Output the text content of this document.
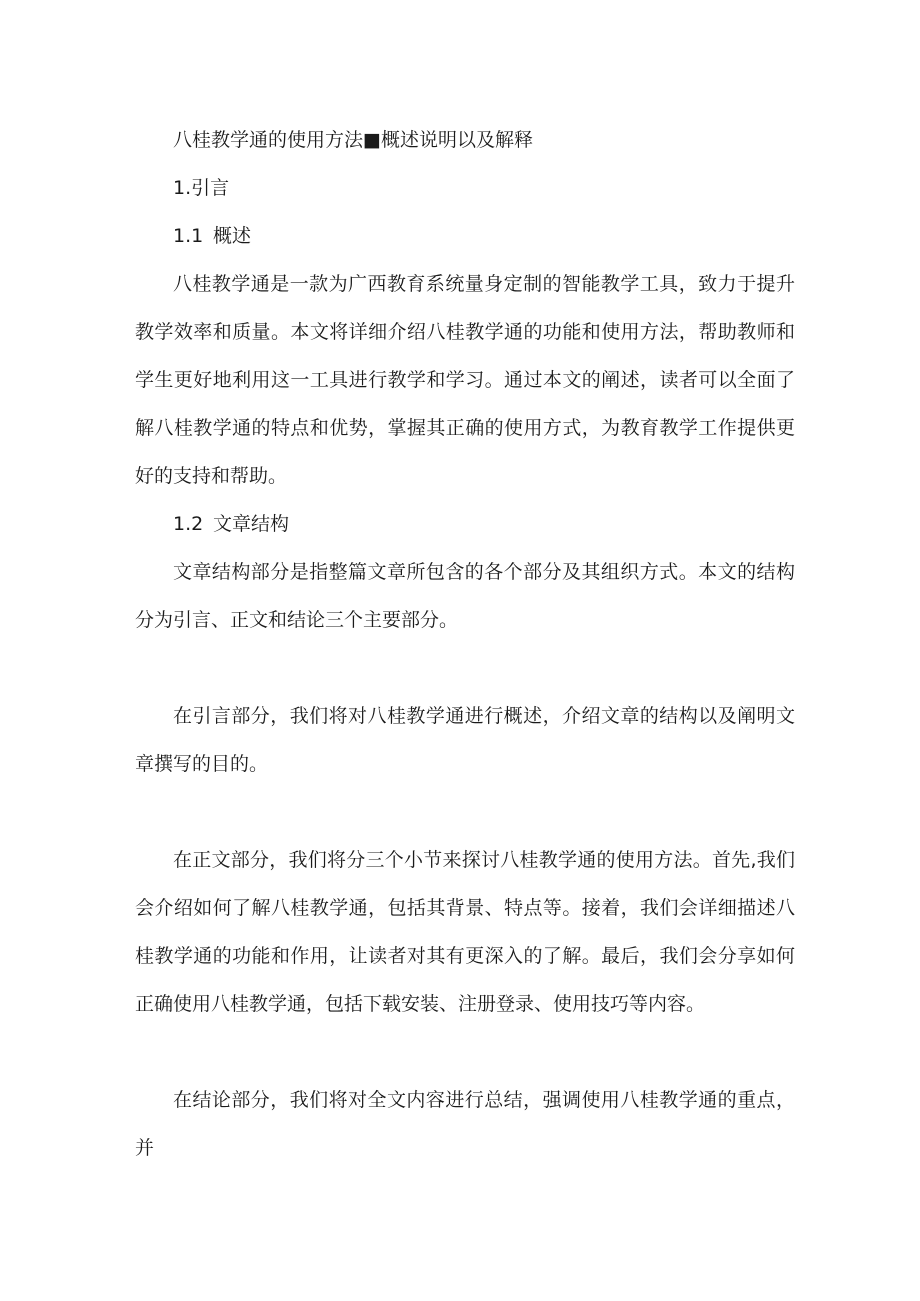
八桂教学通的使用方法■概述说明以及解释

1.引言

1.1 概述

八桂教学通是一款为广西教育系统量身定制的智能教学工具，致力于提升教学效率和质量。本文将详细介绍八桂教学通的功能和使用方法，帮助教师和学生更好地利用这一工具进行教学和学习。通过本文的阐述，读者可以全面了解八桂教学通的特点和优势，掌握其正确的使用方式，为教育教学工作提供更好的支持和帮助。

1.2 文章结构

文章结构部分是指整篇文章所包含的各个部分及其组织方式。本文的结构分为引言、正文和结论三个主要部分。

在引言部分，我们将对八桂教学通进行概述，介绍文章的结构以及阐明文章撰写的目的。

在正文部分，我们将分三个小节来探讨八桂教学通的使用方法。首先,我们会介绍如何了解八桂教学通，包括其背景、特点等。接着，我们会详细描述八桂教学通的功能和作用，让读者对其有更深入的了解。最后，我们会分享如何正确使用八桂教学通，包括下载安装、注册登录、使用技巧等内容。

在结论部分，我们将对全文内容进行总结，强调使用八桂教学通的重点，并
